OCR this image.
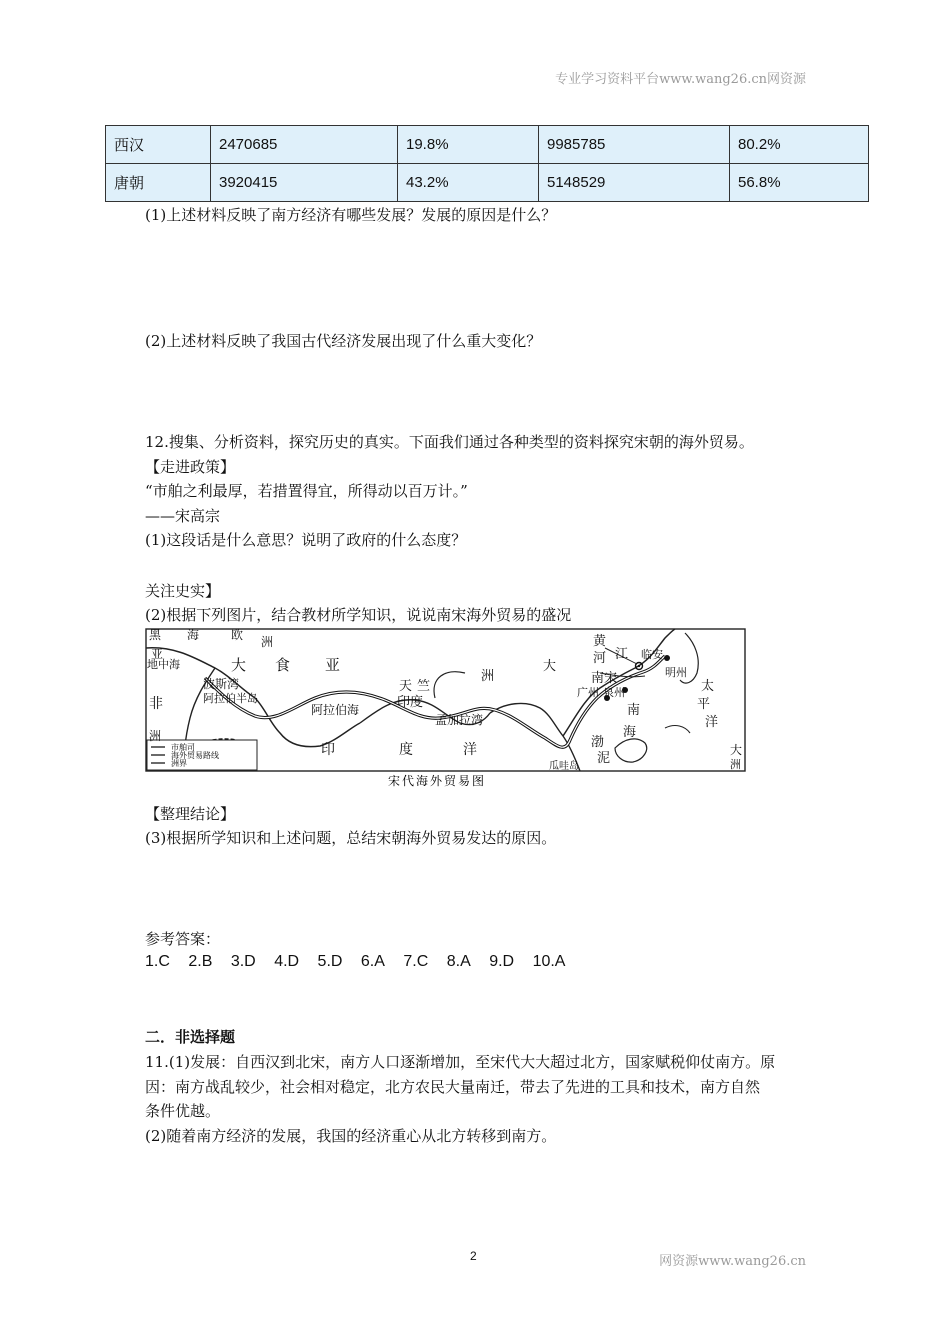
专业学习资料平台www.wang26.cn网资源
西汉	2470685	19.8%	9985785	80.2%
唐朝	3920415	43.2%	5148529	56.8%
(1)上述材料反映了南方经济有哪些发展？发展的原因是什么？
(2)上述材料反映了我国古代经济发展出现了什么重大变化？
12.搜集、分析资料，探究历史的真实。下面我们通过各种类型的资料探究宋朝的海外贸易。
【走进政策】
“市舶之利最厚，若措置得宜，所得动以百万计。”
——宋高宗
(1)这段话是什么意思？说明了政府的什么态度？
关注史实】
(2)根据下列图片，结合教材所学知识，说说南宋海外贸易的盛况
市舶司
海外贸易路线
洲界
黑 海	欧 洲
亚
地中海	大 食 亚
天 竺
黄
河
大
江 临安
明州
太
平
洋
波斯湾
阿拉伯半岛
阿拉伯海	印度
南宋
广州 泉州
洲
非
洲
孟加拉湾
南
海
渤
泥
印	度	洋	大
洲
瓜哇岛
宋代海外贸易图
【整理结论】
(3)根据所学知识和上述问题，总结宋朝海外贸易发达的原因。
参考答案：
1.C 2.B 3.D 4.D 5.D 6.A 7.C 8.A 9.D 10.A
二．非选择题
11.(1)发展：自西汉到北宋，南方人口逐渐增加，至宋代大大超过北方，国家赋税仰仗南方。原
因：南方战乱较少，社会相对稳定，北方农民大量南迁，带去了先进的工具和技术，南方自然
条件优越。
(2)随着南方经济的发展，我国的经济重心从北方转移到南方。
2	网资源www.wang26.cn
